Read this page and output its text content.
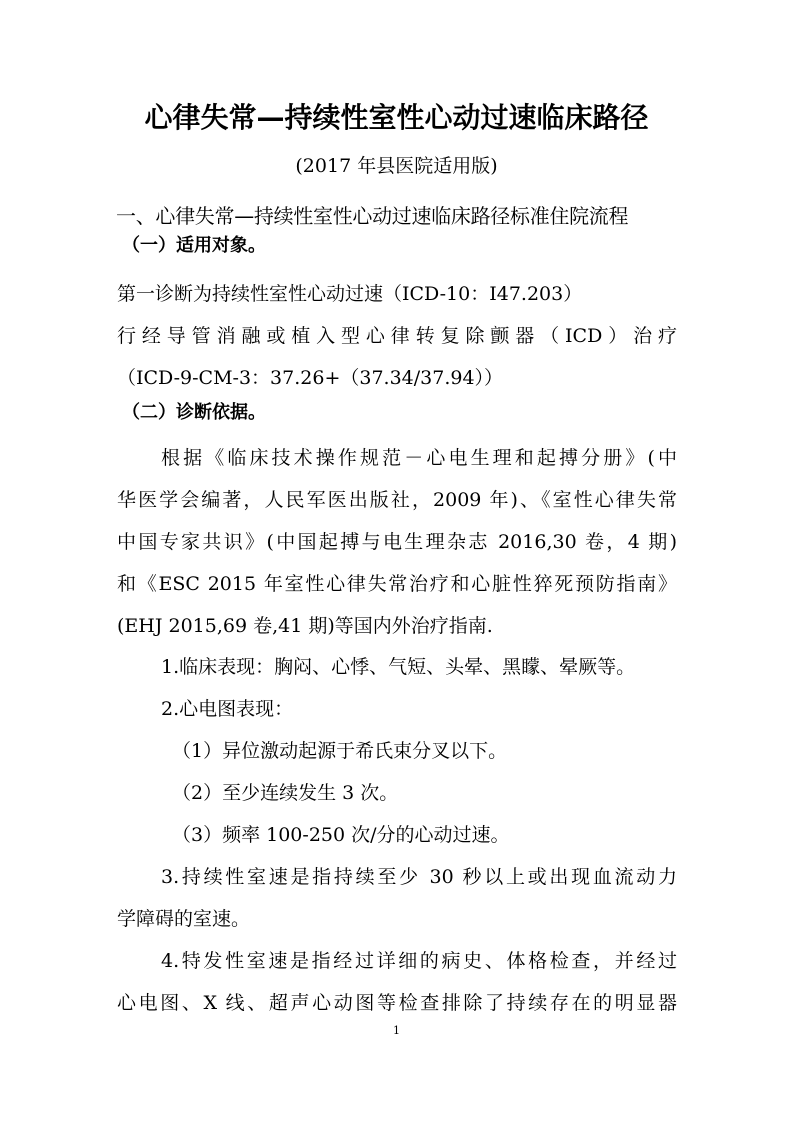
心律失常—持续性室性心动过速临床路径
(2017 年县医院适用版)
一、心律失常—持续性室性心动过速临床路径标准住院流程
（一）适用对象。
第一诊断为持续性室性心动过速（ICD-10：I47.203）
行经导管消融或植入型心律转复除颤器（ICD）治疗
（ICD-9-CM-3：37.26+（37.34/37.94））
（二）诊断依据。
根据《临床技术操作规范－心电生理和起搏分册》(中
华医学会编著，人民军医出版社，2009 年)、《室性心律失常
中国专家共识》(中国起搏与电生理杂志 2016,30 卷，4 期)
和《ESC 2015 年室性心律失常治疗和心脏性猝死预防指南》
(EHJ 2015,69 卷,41 期)等国内外治疗指南.
1.临床表现：胸闷、心悸、气短、头晕、黑矇、晕厥等。
2.心电图表现：
（1）异位激动起源于希氏束分叉以下。
（2）至少连续发生 3 次。
（3）频率 100-250 次/分的心动过速。
3.持续性室速是指持续至少 30 秒以上或出现血流动力
学障碍的室速。
4.特发性室速是指经过详细的病史、体格检查，并经过
心电图、X 线、超声心动图等检查排除了持续存在的明显器
1
